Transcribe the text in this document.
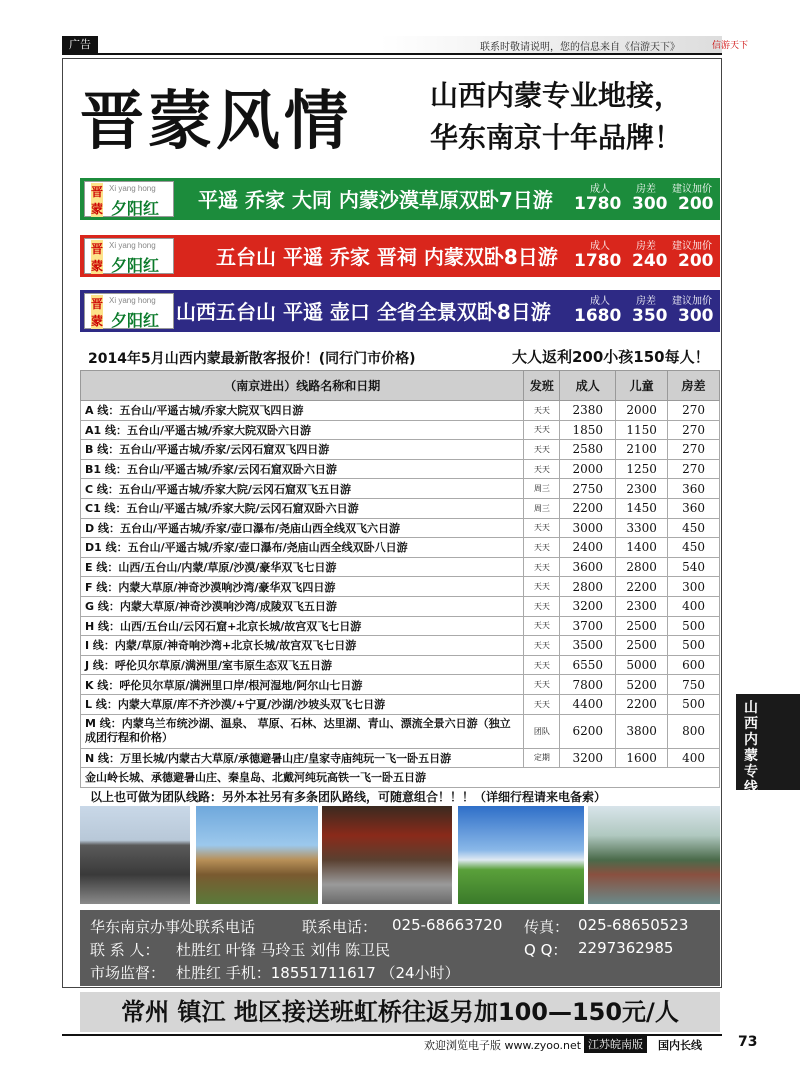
广告	联系时敬请说明，您的信息来自《信游天下》	信游天下
晋蒙风情	山西内蒙专业地接，
华东南京十年品牌！
晋
蒙
Xi yang hong
夕阳红 平遥 乔家 大同 内蒙沙漠草原双卧7日游	成人
1780
房差
300
建议加价
200
晋
蒙
Xi yang hong
夕阳红	五台山 平遥 乔家 晋祠 内蒙双卧8日游	成人
1780
房差
240
建议加价
200
晋
蒙
Xi yang hong
夕阳红 山西五台山 平遥 壶口 全省全景双卧8日游	成人
1680
房差
350
建议加价
300
2014年5月山西内蒙最新散客报价！(同行门市价格)	大人返利200小孩150每人！
（南京进出）线路名称和日期	发班	成人	儿童	房差
A 线：五台山/平遥古城/乔家大院双飞四日游	天天	2380	2000	270
A1 线：五台山/平遥古城/乔家大院双卧六日游	天天	1850	1150	270
B 线：五台山/平遥古城/乔家/云冈石窟双飞四日游	天天	2580	2100	270
B1 线：五台山/平遥古城/乔家/云冈石窟双卧六日游	天天	2000	1250	270
C 线：五台山/平遥古城/乔家大院/云冈石窟双飞五日游	周三	2750	2300	360
C1 线：五台山/平遥古城/乔家大院/云冈石窟双卧六日游	周三	2200	1450	360
D 线：五台山/平遥古城/乔家/壶口瀑布/尧庙山西全线双飞六日游	天天	3000	3300	450
D1 线：五台山/平遥古城/乔家/壶口瀑布/尧庙山西全线双卧八日游	天天	2400	1400	450
E 线：山西/五台山/内蒙/草原/沙漠/豪华双飞七日游	天天	3600	2800	540
F 线：内蒙大草原/神奇沙漠响沙湾/豪华双飞四日游	天天	2800	2200	300
G 线：内蒙大草原/神奇沙漠响沙湾/成陵双飞五日游	天天	3200	2300	400
H 线：山西/五台山/云冈石窟+北京长城/故宫双飞七日游	天天	3700	2500	500
I 线：内蒙/草原/神奇响沙湾+北京长城/故宫双飞七日游	天天	3500	2500	500
J 线：呼伦贝尔草原/满洲里/室韦原生态双飞五日游	天天	6550	5000	600
K 线：呼伦贝尔草原/满洲里口岸/根河湿地/阿尔山七日游	天天	7800	5200	750
L 线：内蒙大草原/库不齐沙漠/+宁夏/沙湖/沙坡头双飞七日游	天天	4400	2200	500
M 线：内蒙乌兰布统沙湖、温泉、 草原、石林、达里湖、青山、漂流全景六日游（独立成团行程和价格）	团队	6200	3800	800
N 线：万里长城/内蒙古大草原/承德避暑山庄/皇家寺庙纯玩一飞一卧五日游	定期	3200	1600	400
金山岭长城、承德避暑山庄、秦皇岛、北戴河纯玩高铁一飞一卧五日游				
以上也可做为团队线路：另外本社另有多条团队路线，可随意组合！！！（详细行程请来电备索）
华东南京办事处联系电话	联系电话： 025-68663720 传真： 025-68650523
联 系 人： 杜胜红 叶锋 马玲玉 刘伟 陈卫民	Q Q： 2297362985
市场监督： 杜胜红 手机：18551711617 （24小时）
常州 镇江 地区接送班虹桥往返另加100—150元/人
欢迎浏览电子版 www.zyoo.net 江苏皖南版	国内长线	73
山西内蒙专线
